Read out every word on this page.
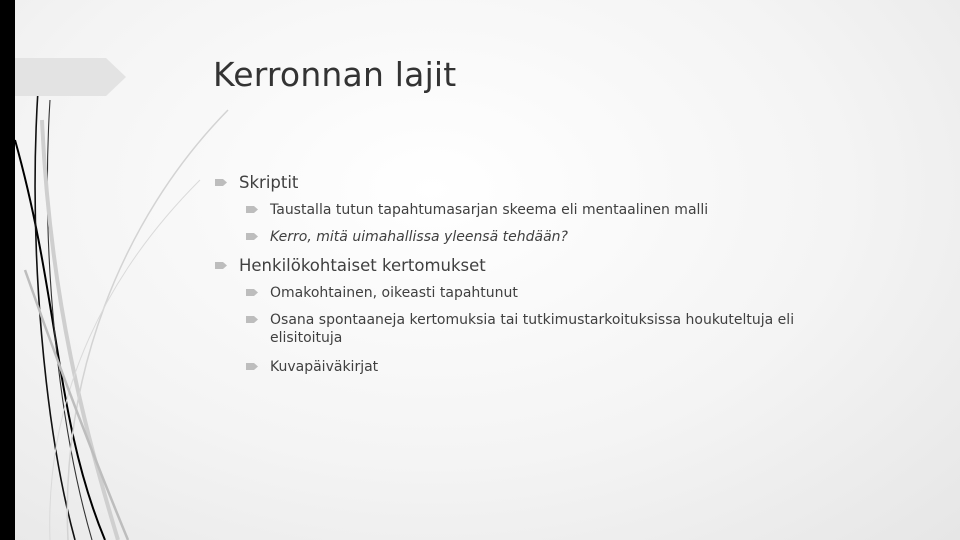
Kerronnan lajit
Skriptit
Taustalla tutun tapahtumasarjan skeema eli mentaalinen malli
Kerro, mitä uimahallissa yleensä tehdään?
Henkilökohtaiset kertomukset
Omakohtainen, oikeasti tapahtunut
Osana spontaaneja kertomuksia tai tutkimustarkoituksissa houkuteltuja eli elisitoituja
Kuvapäiväkirjat
